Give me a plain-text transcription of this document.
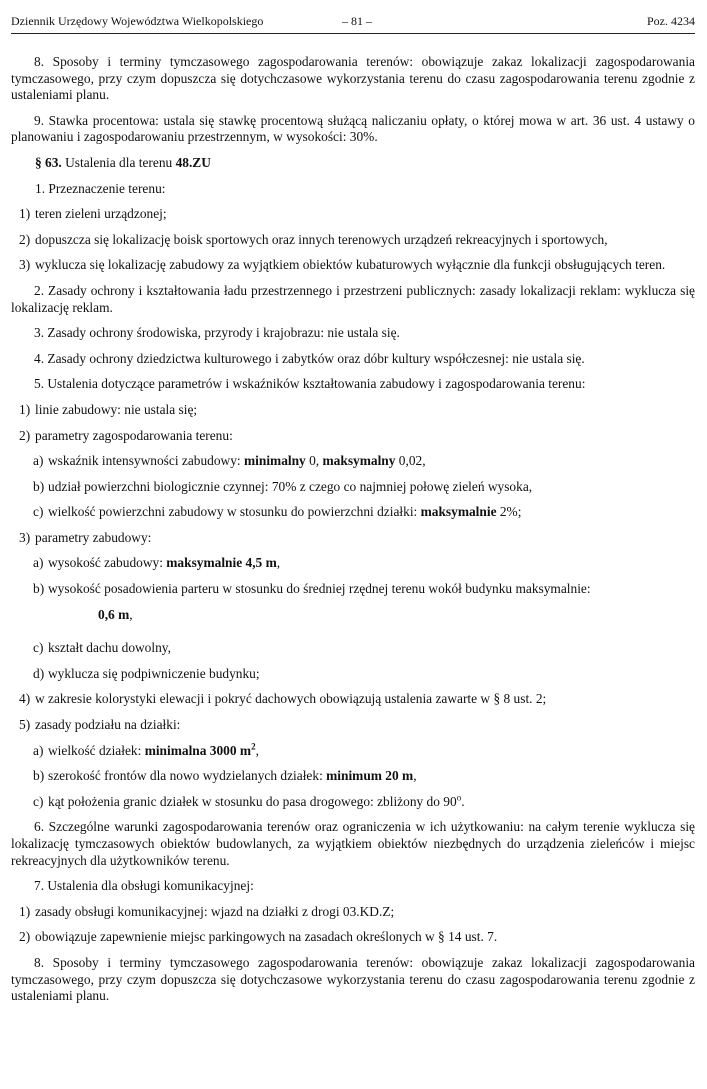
Dziennik Urzędowy Województwa Wielkopolskiego	– 81 –	Poz. 4234

8. Sposoby i terminy tymczasowego zagospodarowania terenów: obowiązuje zakaz lokalizacji zagospodarowania tymczasowego, przy czym dopuszcza się dotychczasowe wykorzystania terenu do czasu zagospodarowania terenu zgodnie z ustaleniami planu.

9. Stawka procentowa: ustala się stawkę procentową służącą naliczaniu opłaty, o której mowa w art. 36 ust. 4 ustawy o planowaniu i zagospodarowaniu przestrzennym, w wysokości: 30%.

§ 63. Ustalenia dla terenu 48.ZU

1. Przeznaczenie terenu:

1) teren zieleni urządzonej;
2) dopuszcza się lokalizację boisk sportowych oraz innych terenowych urządzeń rekreacyjnych i sportowych,
3) wyklucza się lokalizację zabudowy za wyjątkiem obiektów kubaturowych wyłącznie dla funkcji obsługujących teren.

2. Zasady ochrony i kształtowania ładu przestrzennego i przestrzeni publicznych: zasady lokalizacji reklam: wyklucza się lokalizację reklam.

3. Zasady ochrony środowiska, przyrody i krajobrazu: nie ustala się.

4. Zasady ochrony dziedzictwa kulturowego i zabytków oraz dóbr kultury współczesnej: nie ustala się.

5. Ustalenia dotyczące parametrów i wskaźników kształtowania zabudowy i zagospodarowania terenu:

1) linie zabudowy: nie ustala się;
2) parametry zagospodarowania terenu:
a) wskaźnik intensywności zabudowy: minimalny 0, maksymalny 0,02,
b) udział powierzchni biologicznie czynnej: 70% z czego co najmniej połowę zieleń wysoka,
c) wielkość powierzchni zabudowy w stosunku do powierzchni działki: maksymalnie 2%;
3) parametry zabudowy:
a) wysokość zabudowy: maksymalnie 4,5 m,
b) wysokość posadowienia parteru w stosunku do średniej rzędnej terenu wokół budynku maksymalnie:
0,6 m,
c) kształt dachu dowolny,
d) wyklucza się podpiwniczenie budynku;
4) w zakresie kolorystyki elewacji i pokryć dachowych obowiązują ustalenia zawarte w § 8 ust. 2;
5) zasady podziału na działki:
a) wielkość działek: minimalna 3000 $m^2$,
b) szerokość frontów dla nowo wydzielanych działek: minimum 20 m,
c) kąt położenia granic działek w stosunku do pasa drogowego: zbliżony do 90$^o$.

6. Szczególne warunki zagospodarowania terenów oraz ograniczenia w ich użytkowaniu: na całym terenie wyklucza się lokalizację tymczasowych obiektów budowlanych, za wyjątkiem obiektów niezbędnych do urządzenia zieleńców i miejsc rekreacyjnych dla użytkowników terenu.

7. Ustalenia dla obsługi komunikacyjnej:

1) zasady obsługi komunikacyjnej: wjazd na działki z drogi 03.KD.Z;
2) obowiązuje zapewnienie miejsc parkingowych na zasadach określonych w § 14 ust. 7.

8. Sposoby i terminy tymczasowego zagospodarowania terenów: obowiązuje zakaz lokalizacji zagospodarowania tymczasowego, przy czym dopuszcza się dotychczasowe wykorzystania terenu do czasu zagospodarowania terenu zgodnie z ustaleniami planu.
